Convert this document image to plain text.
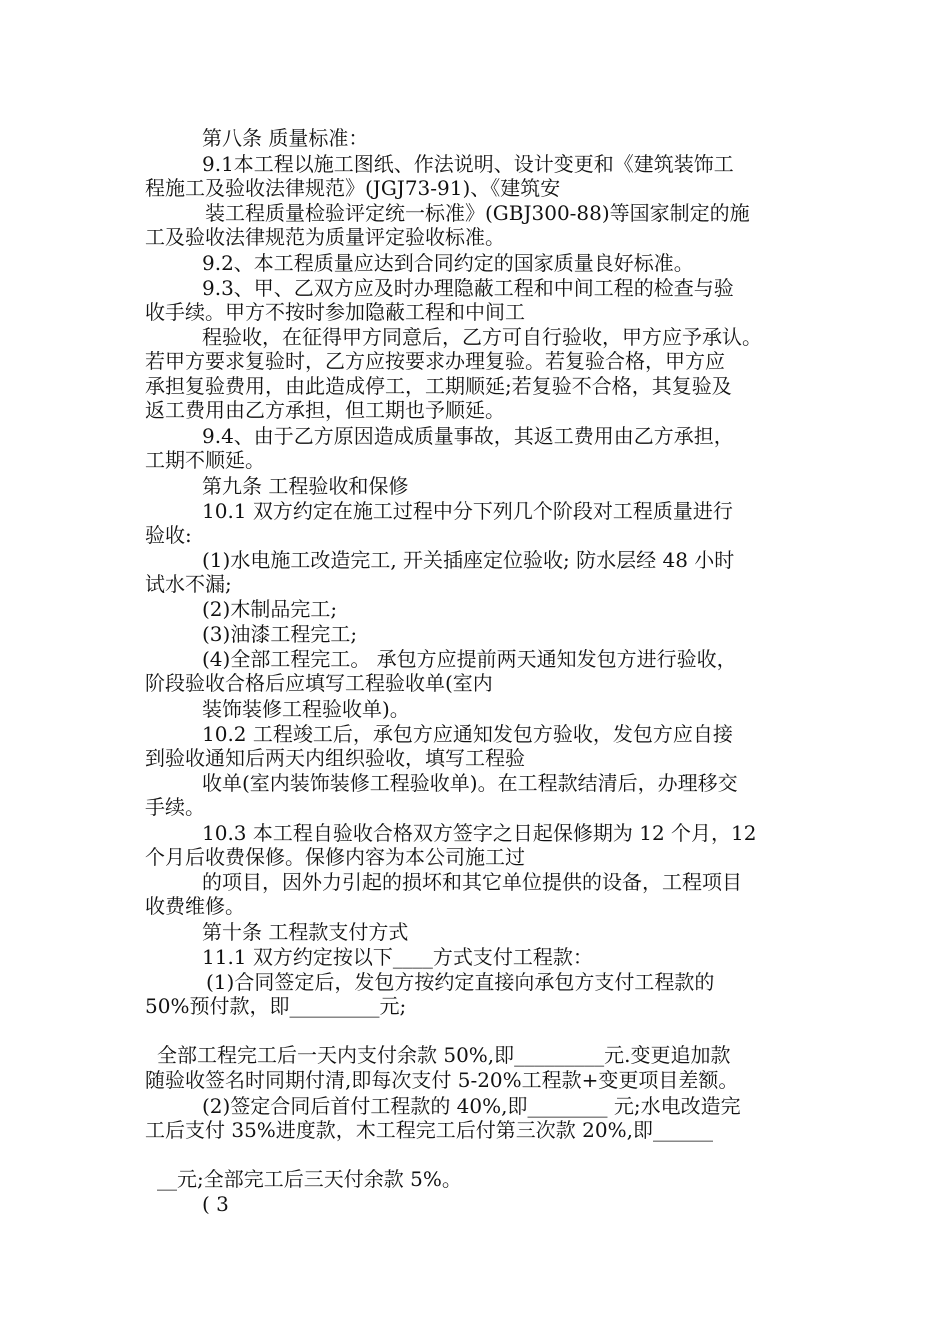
第八条 质量标准：
9.1本工程以施工图纸、作法说明、设计变更和《建筑装饰工
程施工及验收法律规范》(JGJ73-91)、《建筑安
装工程质量检验评定统一标准》(GBJ300-88)等国家制定的施
工及验收法律规范为质量评定验收标准。
9.2、本工程质量应达到合同约定的国家质量良好标准。
9.3、甲、乙双方应及时办理隐蔽工程和中间工程的检查与验
收手续。甲方不按时参加隐蔽工程和中间工
程验收，在征得甲方同意后，乙方可自行验收，甲方应予承认。
若甲方要求复验时，乙方应按要求办理复验。若复验合格，甲方应
承担复验费用，由此造成停工，工期顺延;若复验不合格，其复验及
返工费用由乙方承担，但工期也予顺延。
9.4、由于乙方原因造成质量事故，其返工费用由乙方承担，
工期不顺延。
第九条 工程验收和保修
10.1 双方约定在施工过程中分下列几个阶段对工程质量进行
验收:
(1)水电施工改造完工, 开关插座定位验收; 防水层经 48 小时
试水不漏;
(2)木制品完工;
(3)油漆工程完工;
(4)全部工程完工。 承包方应提前两天通知发包方进行验收，
阶段验收合格后应填写工程验收单(室内
装饰装修工程验收单)。
10.2 工程竣工后，承包方应通知发包方验收，发包方应自接
到验收通知后两天内组织验收，填写工程验
收单(室内装饰装修工程验收单)。在工程款结清后，办理移交
手续。
10.3 本工程自验收合格双方签字之日起保修期为 12 个月，12
个月后收费保修。保修内容为本公司施工过
的项目，因外力引起的损坏和其它单位提供的设备，工程项目
收费维修。
第十条 工程款支付方式
11.1 双方约定按以下____方式支付工程款：
(1)合同签定后，发包方按约定直接向承包方支付工程款的
50%预付款，即_________元;
全部工程完工后一天内支付余款 50%,即_________元.变更追加款
随验收签名时同期付清,即每次支付 5-20%工程款+变更项目差额。
(2)签定合同后首付工程款的 40%,即________ 元;水电改造完
工后支付 35%进度款，木工程完工后付第三次款 20%,即______
__元;全部完工后三天付余款 5%。
( 3
